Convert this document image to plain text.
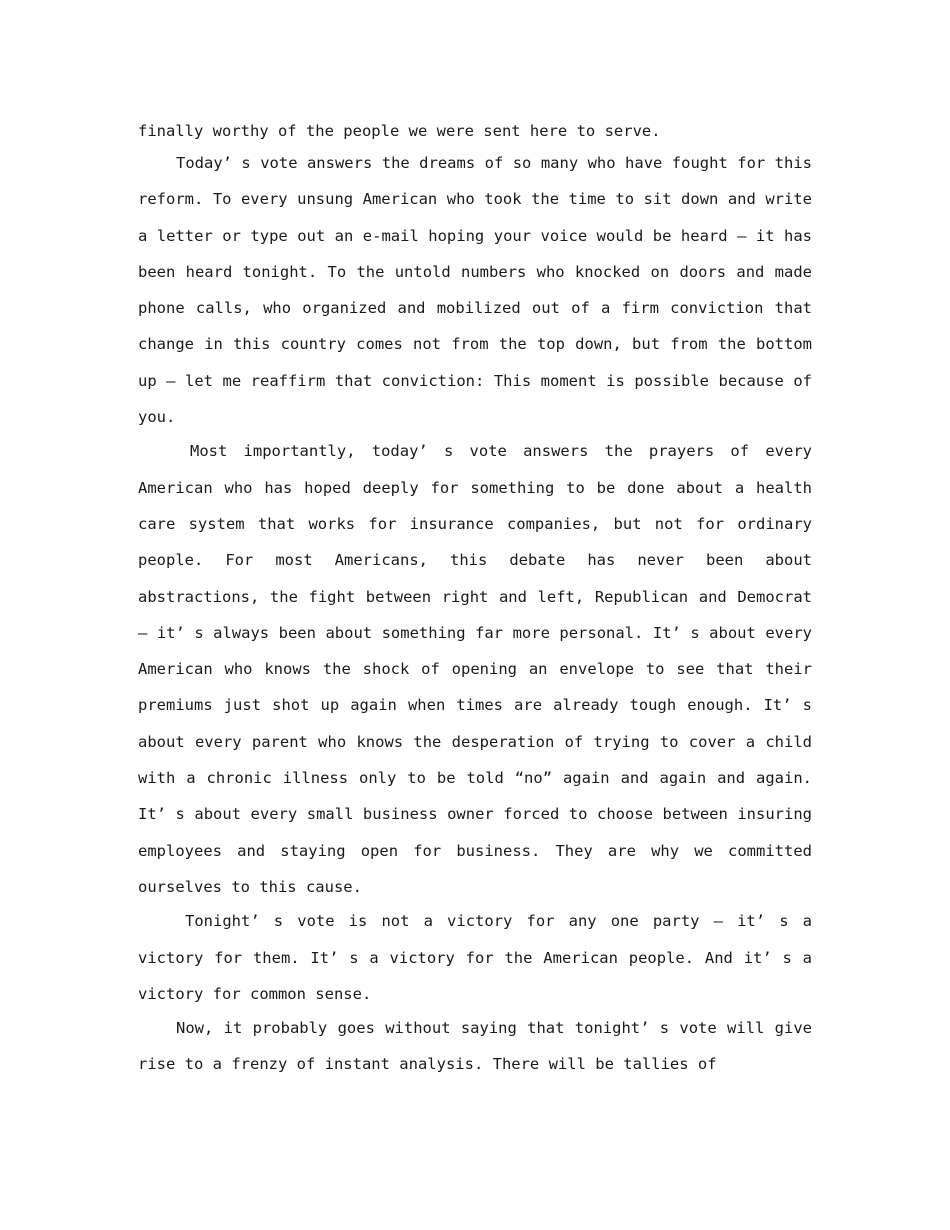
finally worthy of the people we were sent here to serve.

Today’ s vote answers the dreams of so many who have fought for this reform. To every unsung American who took the time to sit down and write a letter or type out an e-mail hoping your voice would be heard — it has been heard tonight. To the untold numbers who knocked on doors and made phone calls, who organized and mobilized out of a firm conviction that change in this country comes not from the top down, but from the bottom up — let me reaffirm that conviction: This moment is possible because of you.

Most importantly, today’ s vote answers the prayers of every American who has hoped deeply for something to be done about a health care system that works for insurance companies, but not for ordinary people. For most Americans, this debate has never been about abstractions, the fight between right and left, Republican and Democrat — it’ s always been about something far more personal. It’ s about every American who knows the shock of opening an envelope to see that their premiums just shot up again when times are already tough enough. It’ s about every parent who knows the desperation of trying to cover a child with a chronic illness only to be told “no” again and again and again. It’ s about every small business owner forced to choose between insuring employees and staying open for business. They are why we committed ourselves to this cause.

Tonight’ s vote is not a victory for any one party — it’ s a victory for them. It’ s a victory for the American people. And it’ s a victory for common sense.

Now, it probably goes without saying that tonight’ s vote will give rise to a frenzy of instant analysis. There will be tallies of
